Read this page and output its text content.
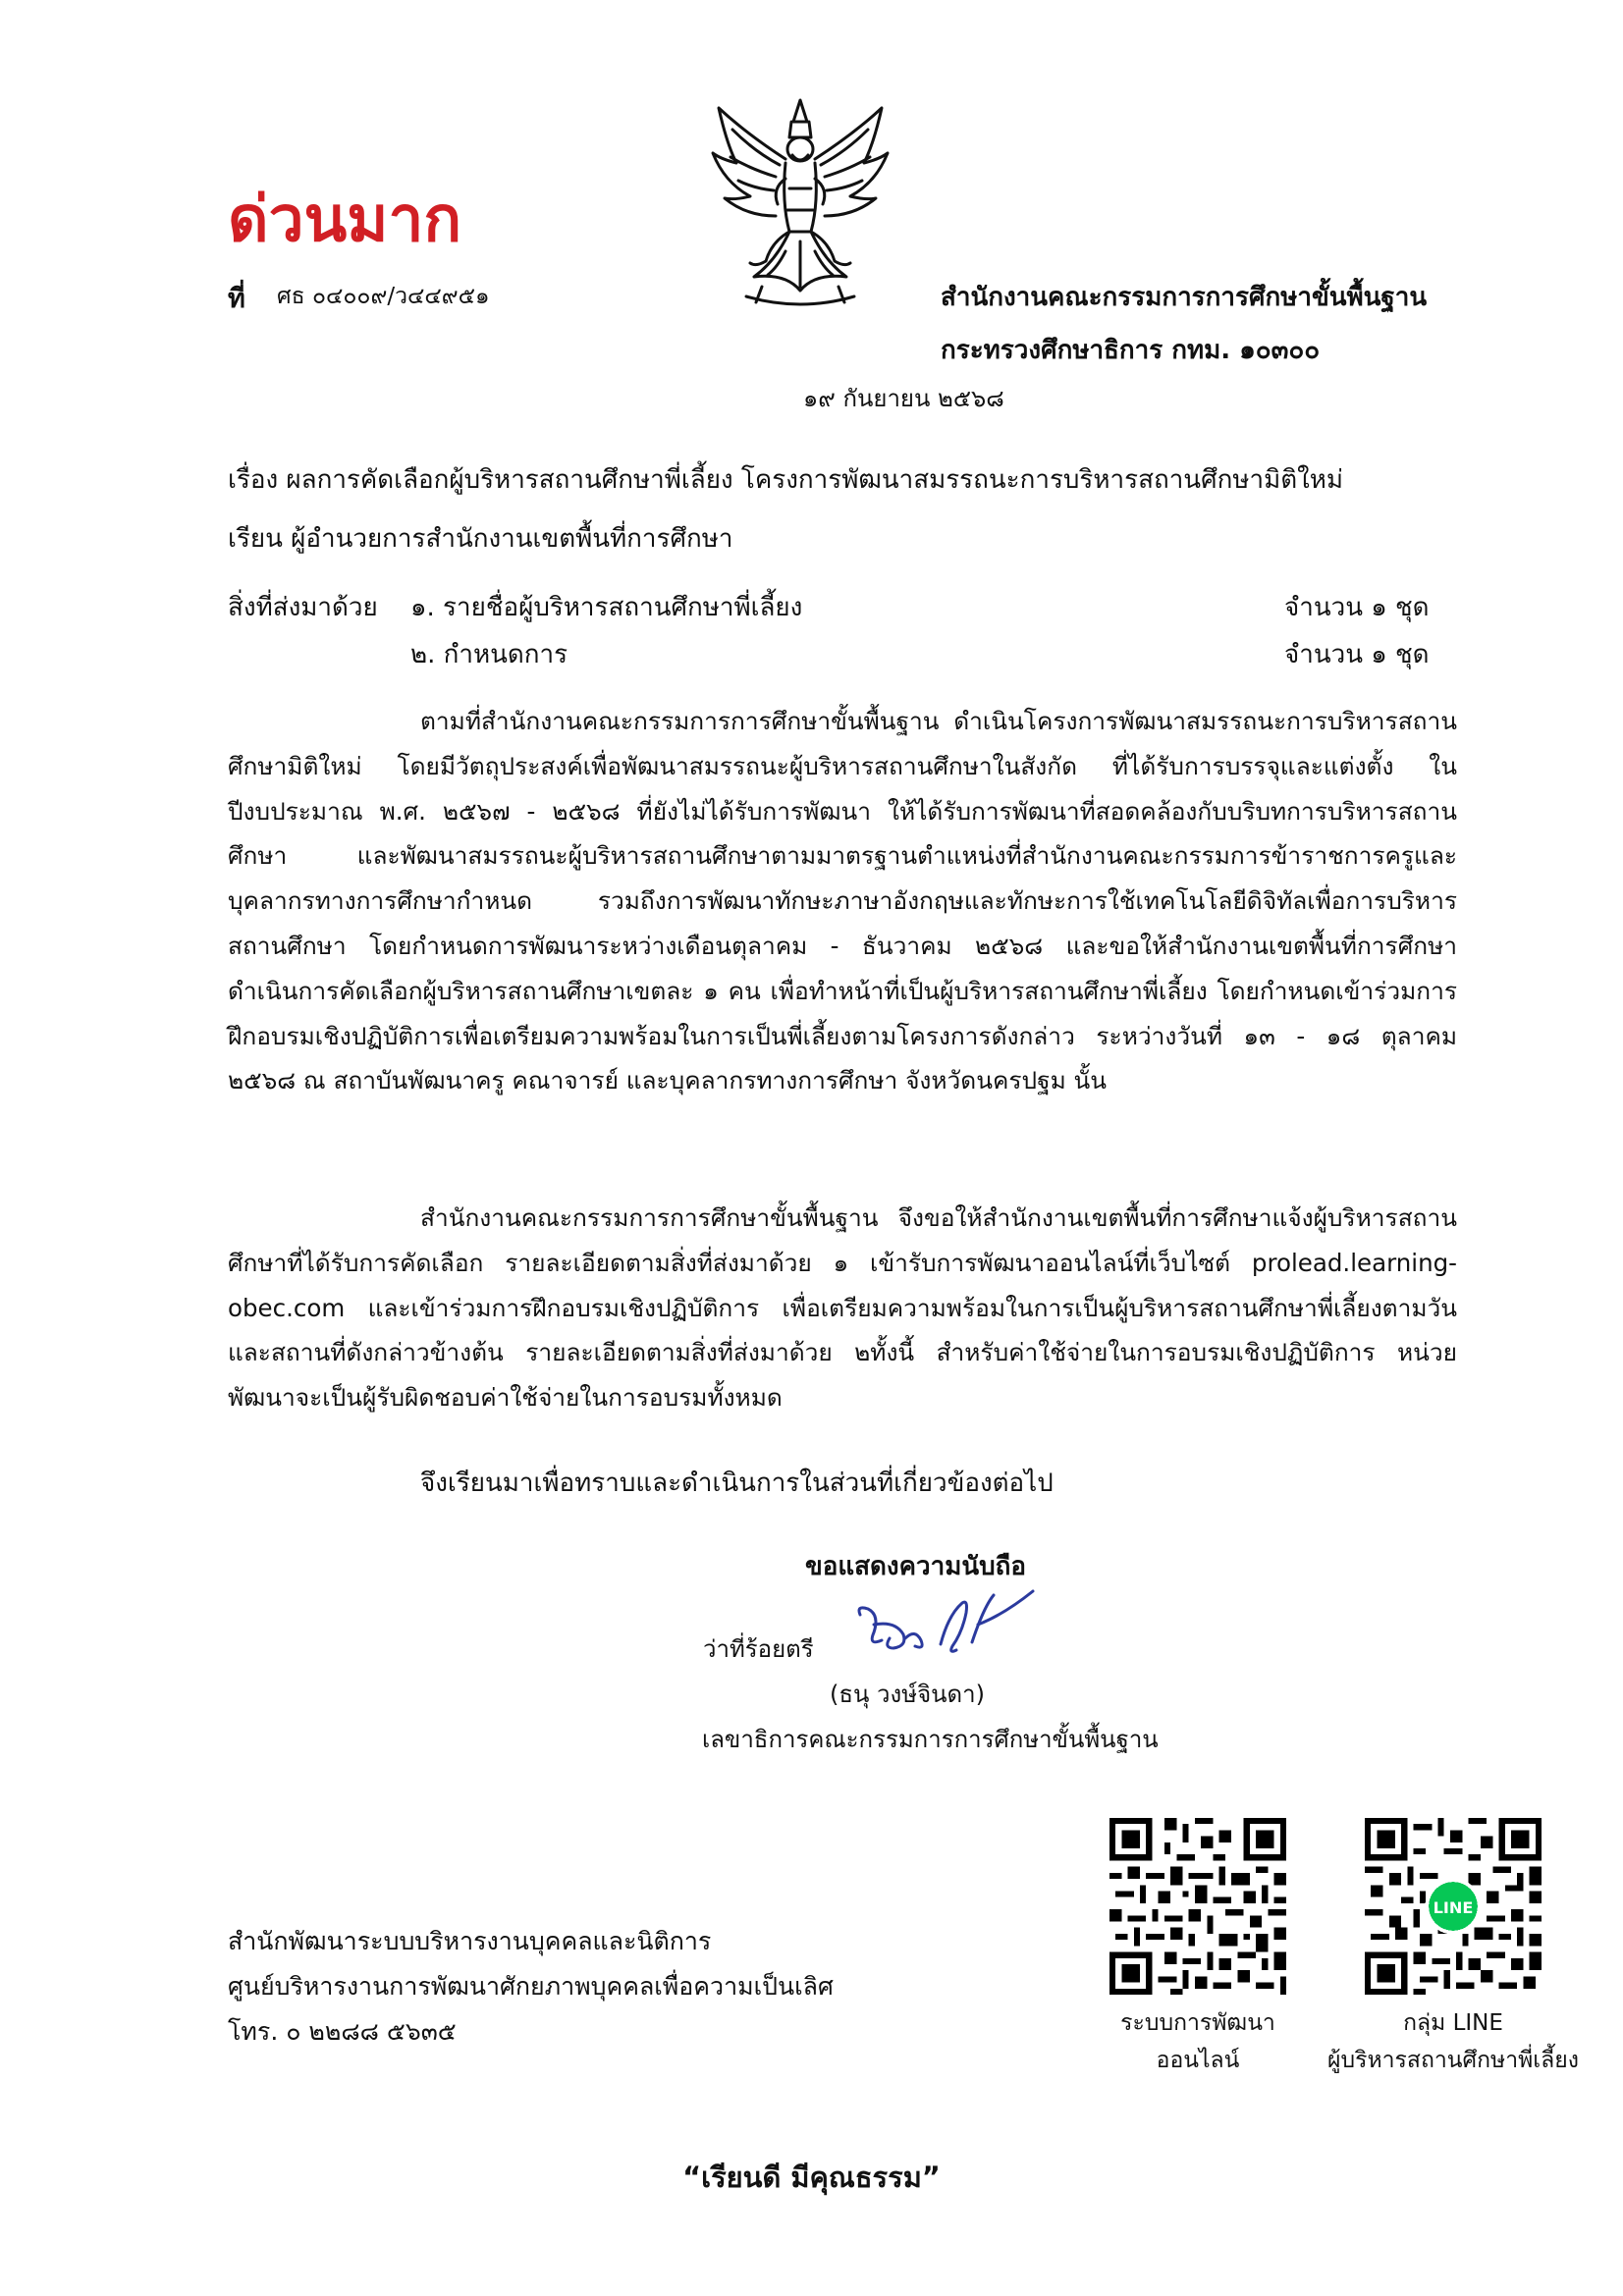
ด่วนมาก
ที่ ศธ ๐๔๐๐๙/ว๔๔๙๕๑	สำนักงานคณะกรรมการการศึกษาขั้นพื้นฐาน
กระทรวงศึกษาธิการ กทม. ๑๐๓๐๐
๑๙ กันยายน ๒๕๖๘
เรื่อง ผลการคัดเลือกผู้บริหารสถานศึกษาพี่เลี้ยง โครงการพัฒนาสมรรถนะการบริหารสถานศึกษามิติใหม่
เรียน ผู้อำนวยการสำนักงานเขตพื้นที่การศึกษา
สิ่งที่ส่งมาด้วย ๑. รายชื่อผู้บริหารสถานศึกษาพี่เลี้ยง	จำนวน ๑ ชุด
๒. กำหนดการ	จำนวน ๑ ชุด
ตามที่สำนักงานคณะกรรมการการศึกษาขั้นพื้นฐาน ดำเนินโครงการพัฒนาสมรรถนะการบริหารสถานศึกษามิติใหม่ โดยมีวัตถุประสงค์เพื่อพัฒนาสมรรถนะผู้บริหารสถานศึกษาในสังกัด ที่ได้รับการบรรจุและแต่งตั้ง ในปีงบประมาณ พ.ศ. ๒๕๖๗ - ๒๕๖๘ ที่ยังไม่ได้รับการพัฒนา ให้ได้รับการพัฒนาที่สอดคล้องกับบริบทการบริหารสถานศึกษา และพัฒนาสมรรถนะผู้บริหารสถานศึกษาตามมาตรฐานตำแหน่งที่สำนักงานคณะกรรมการข้าราชการครูและบุคลากรทางการศึกษากำหนด รวมถึงการพัฒนาทักษะภาษาอังกฤษและทักษะการใช้เทคโนโลยีดิจิทัลเพื่อการบริหารสถานศึกษา โดยกำหนดการพัฒนาระหว่างเดือนตุลาคม - ธันวาคม ๒๕๖๘ และขอให้สำนักงานเขตพื้นที่การศึกษา ดำเนินการคัดเลือกผู้บริหารสถานศึกษาเขตละ ๑ คน เพื่อทำหน้าที่เป็นผู้บริหารสถานศึกษาพี่เลี้ยง โดยกำหนดเข้าร่วมการฝึกอบรมเชิงปฏิบัติการเพื่อเตรียมความพร้อมในการเป็นพี่เลี้ยงตามโครงการดังกล่าว ระหว่างวันที่ ๑๓ - ๑๘ ตุลาคม ๒๕๖๘ ณ สถาบันพัฒนาครู คณาจารย์ และบุคลากรทางการศึกษา จังหวัดนครปฐม นั้น
สำนักงานคณะกรรมการการศึกษาขั้นพื้นฐาน จึงขอให้สำนักงานเขตพื้นที่การศึกษาแจ้งผู้บริหารสถานศึกษาที่ได้รับการคัดเลือก รายละเอียดตามสิ่งที่ส่งมาด้วย ๑ เข้ารับการพัฒนาออนไลน์ที่เว็บไซต์ prolead.learning-obec.com และเข้าร่วมการฝึกอบรมเชิงปฏิบัติการ เพื่อเตรียมความพร้อมในการเป็นผู้บริหารสถานศึกษาพี่เลี้ยงตามวันและสถานที่ดังกล่าวข้างต้น รายละเอียดตามสิ่งที่ส่งมาด้วย ๒ทั้งนี้ สำหรับค่าใช้จ่ายในการอบรมเชิงปฏิบัติการ หน่วยพัฒนาจะเป็นผู้รับผิดชอบค่าใช้จ่ายในการอบรมทั้งหมด
จึงเรียนมาเพื่อทราบและดำเนินการในส่วนที่เกี่ยวข้องต่อไป
ขอแสดงความนับถือ
ว่าที่ร้อยตรี
(ธนุ วงษ์จินดา)
เลขาธิการคณะกรรมการการศึกษาขั้นพื้นฐาน
LINE
ระบบการพัฒนา
ออนไลน์
กลุ่ม LINE
ผู้บริหารสถานศึกษาพี่เลี้ยง
สำนักพัฒนาระบบบริหารงานบุคคลและนิติการ
ศูนย์บริหารงานการพัฒนาศักยภาพบุคคลเพื่อความเป็นเลิศ
โทร. ๐ ๒๒๘๘ ๕๖๓๕
“เรียนดี มีคุณธรรม”
